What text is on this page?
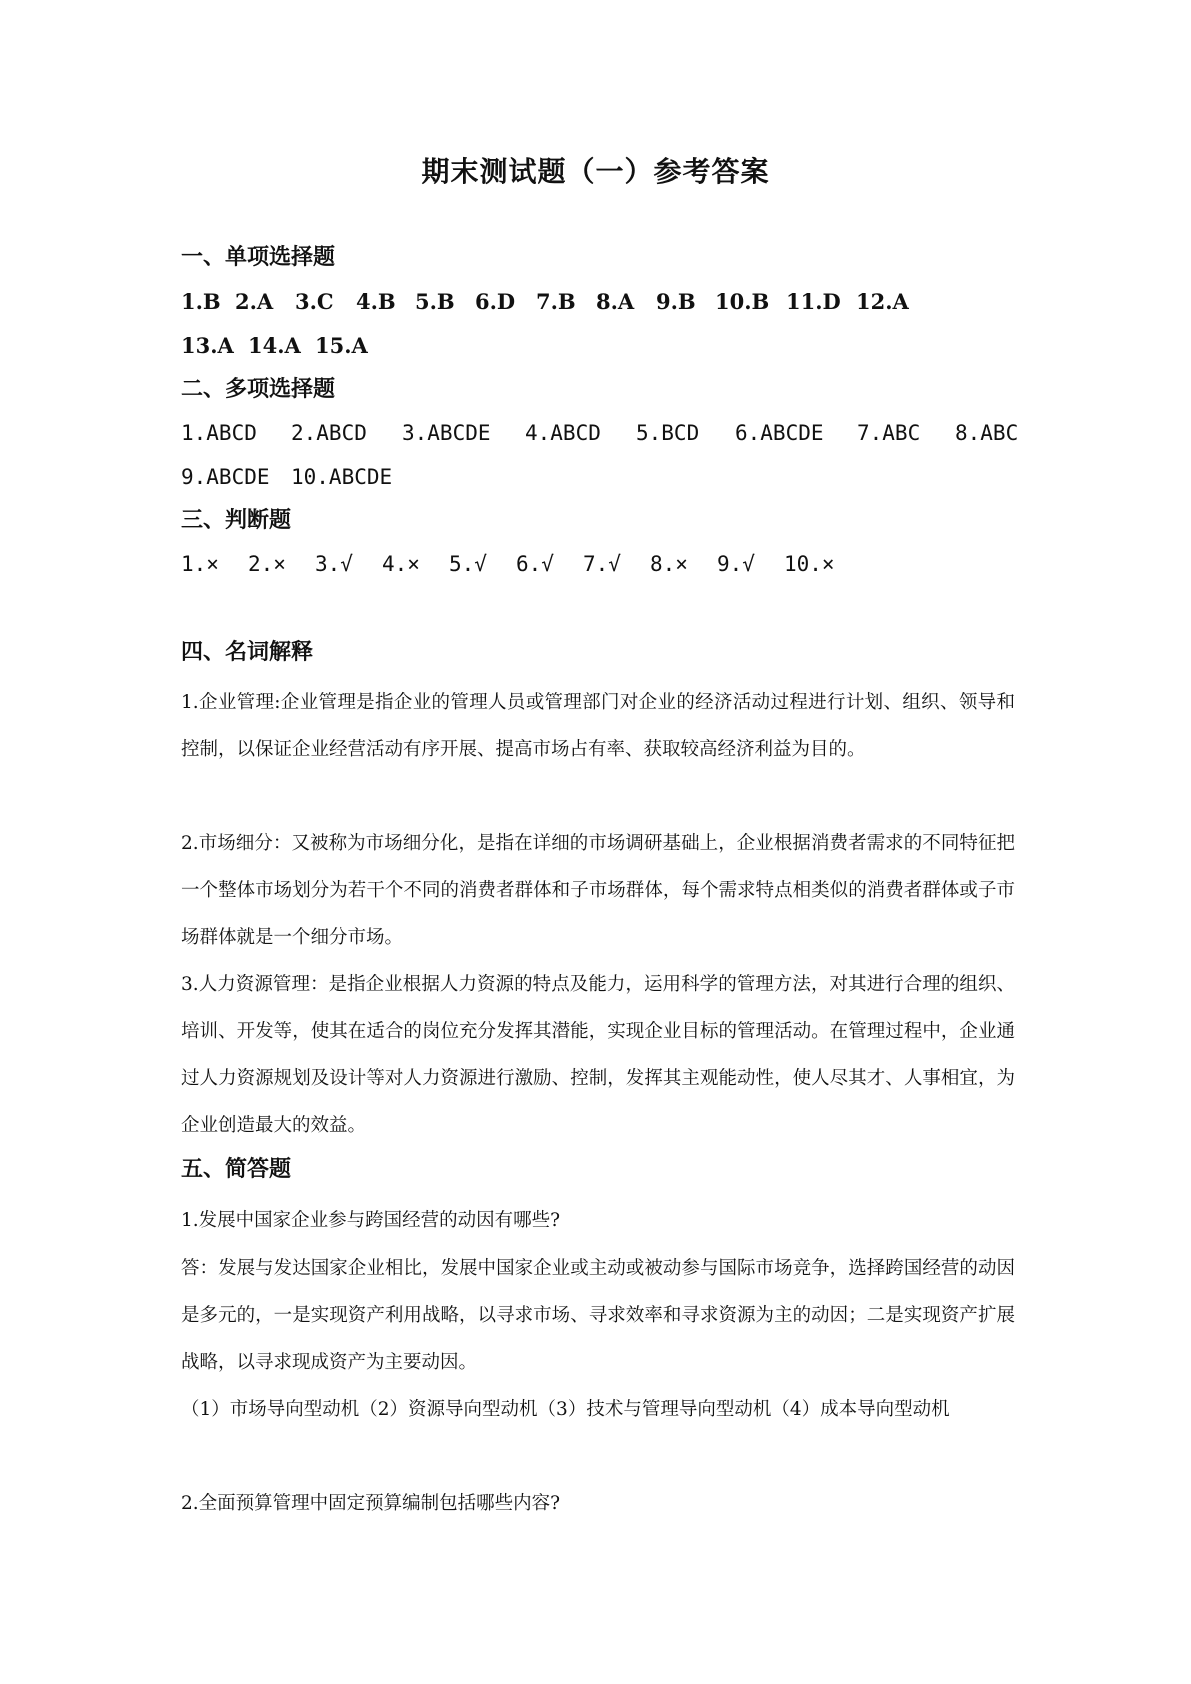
期末测试题（一）参考答案
一、单项选择题
1.B 2.A 3.C 4.B 5.B 6.D 7.B 8.A 9.B 10.B 11.D 12.A
13.A 14.A 15.A
二、多项选择题
1.ABCD 2.ABCD 3.ABCDE 4.ABCD 5.BCD 6.ABCDE 7.ABC 8.ABC
9.ABCDE 10.ABCDE
三、判断题
1.× 2.× 3.√ 4.× 5.√ 6.√ 7.√ 8.× 9.√ 10.×
四、名词解释
1.企业管理:企业管理是指企业的管理人员或管理部门对企业的经济活动过程进行计划、组织、领导和控制，以保证企业经营活动有序开展、提高市场占有率、获取较高经济利益为目的。
2.市场细分：又被称为市场细分化，是指在详细的市场调研基础上，企业根据消费者需求的不同特征把一个整体市场划分为若干个不同的消费者群体和子市场群体，每个需求特点相类似的消费者群体或子市场群体就是一个细分市场。
3.人力资源管理：是指企业根据人力资源的特点及能力，运用科学的管理方法，对其进行合理的组织、培训、开发等，使其在适合的岗位充分发挥其潜能，实现企业目标的管理活动。在管理过程中，企业通过人力资源规划及设计等对人力资源进行激励、控制，发挥其主观能动性，使人尽其才、人事相宜，为企业创造最大的效益。
五、简答题
1.发展中国家企业参与跨国经营的动因有哪些?
答：发展与发达国家企业相比，发展中国家企业或主动或被动参与国际市场竞争，选择跨国经营的动因是多元的，一是实现资产利用战略，以寻求市场、寻求效率和寻求资源为主的动因；二是实现资产扩展战略，以寻求现成资产为主要动因。
（1）市场导向型动机（2）资源导向型动机（3）技术与管理导向型动机（4）成本导向型动机
2.全面预算管理中固定预算编制包括哪些内容?
